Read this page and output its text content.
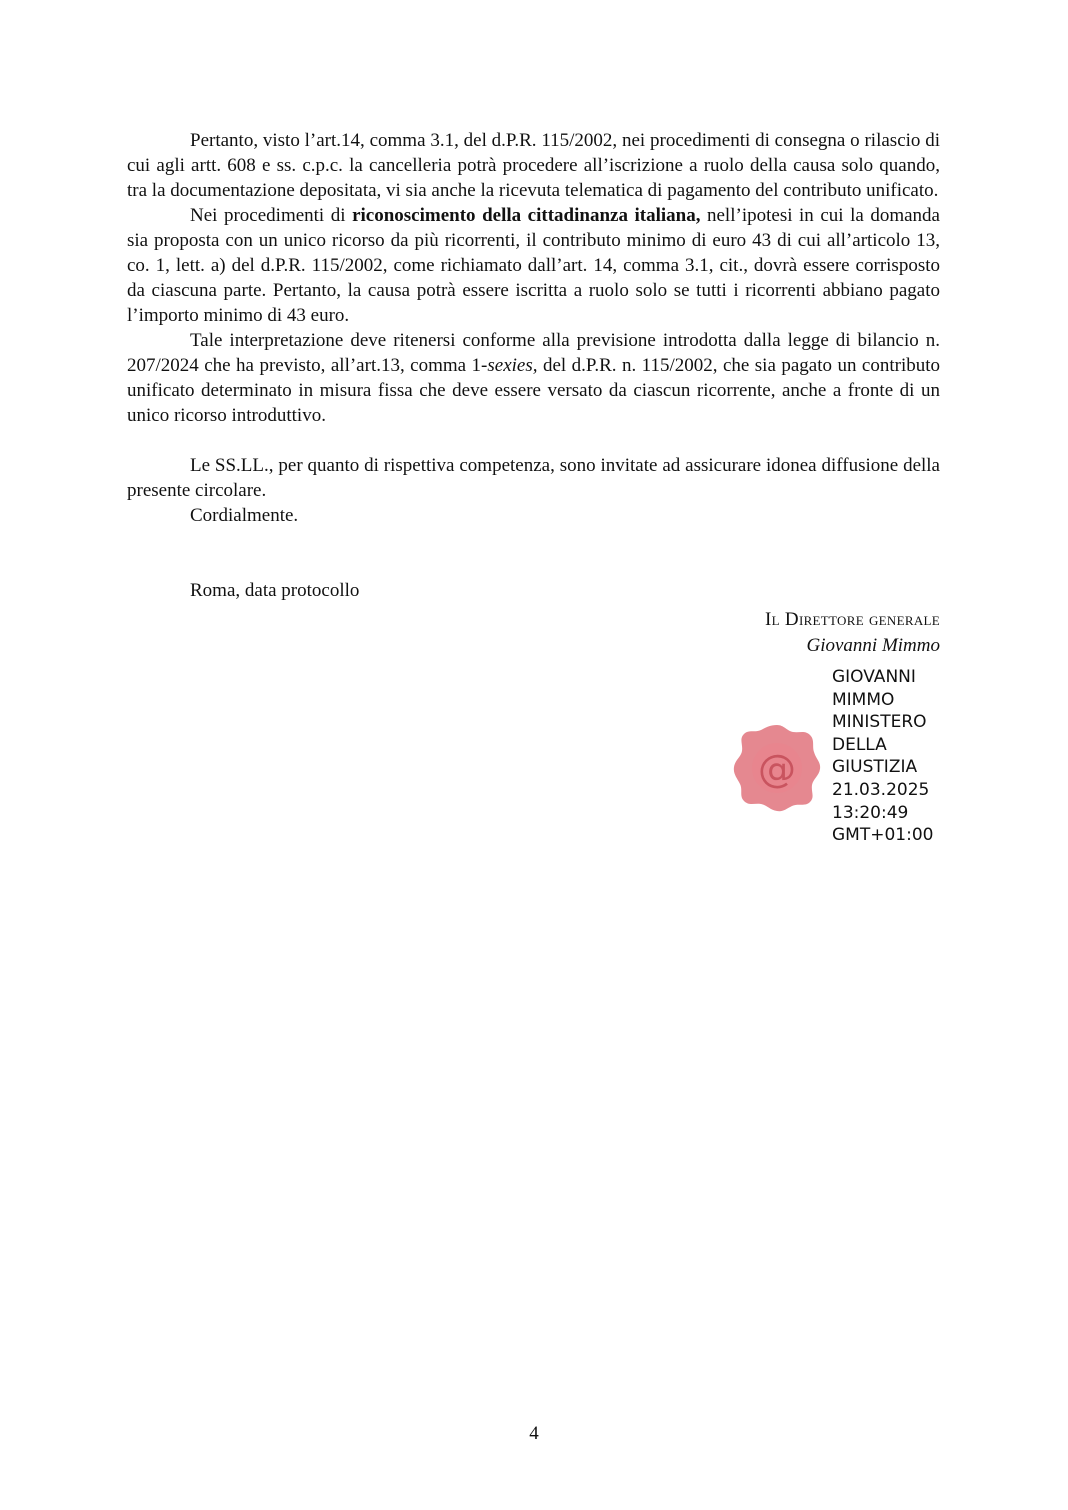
Pertanto, visto l’art.14, comma 3.1, del d.P.R. 115/2002, nei procedimenti di consegna o rilascio di cui agli artt. 608 e ss. c.p.c. la cancelleria potrà procedere all’iscrizione a ruolo della causa solo quando, tra la documentazione depositata, vi sia anche la ricevuta telematica di pagamento del contributo unificato.

Nei procedimenti di riconoscimento della cittadinanza italiana, nell’ipotesi in cui la domanda sia proposta con un unico ricorso da più ricorrenti, il contributo minimo di euro 43 di cui all’articolo 13, co. 1, lett. a) del d.P.R. 115/2002, come richiamato dall’art. 14, comma 3.1, cit., dovrà essere corrisposto da ciascuna parte. Pertanto, la causa potrà essere iscritta a ruolo solo se tutti i ricorrenti abbiano pagato l’importo minimo di 43 euro.

Tale interpretazione deve ritenersi conforme alla previsione introdotta dalla legge di bilancio n. 207/2024 che ha previsto, all’art.13, comma 1-sexies, del d.P.R. n. 115/2002, che sia pagato un contributo unificato determinato in misura fissa che deve essere versato da ciascun ricorrente, anche a fronte di un unico ricorso introduttivo.

Le SS.LL., per quanto di rispettiva competenza, sono invitate ad assicurare idonea diffusione della presente circolare.

Cordialmente.

Roma, data protocollo
Il Direttore generale
Giovanni Mimmo
@
GIOVANNI
MIMMO
MINISTERO
DELLA
GIUSTIZIA
21.03.2025
13:20:49
GMT+01:00
4
